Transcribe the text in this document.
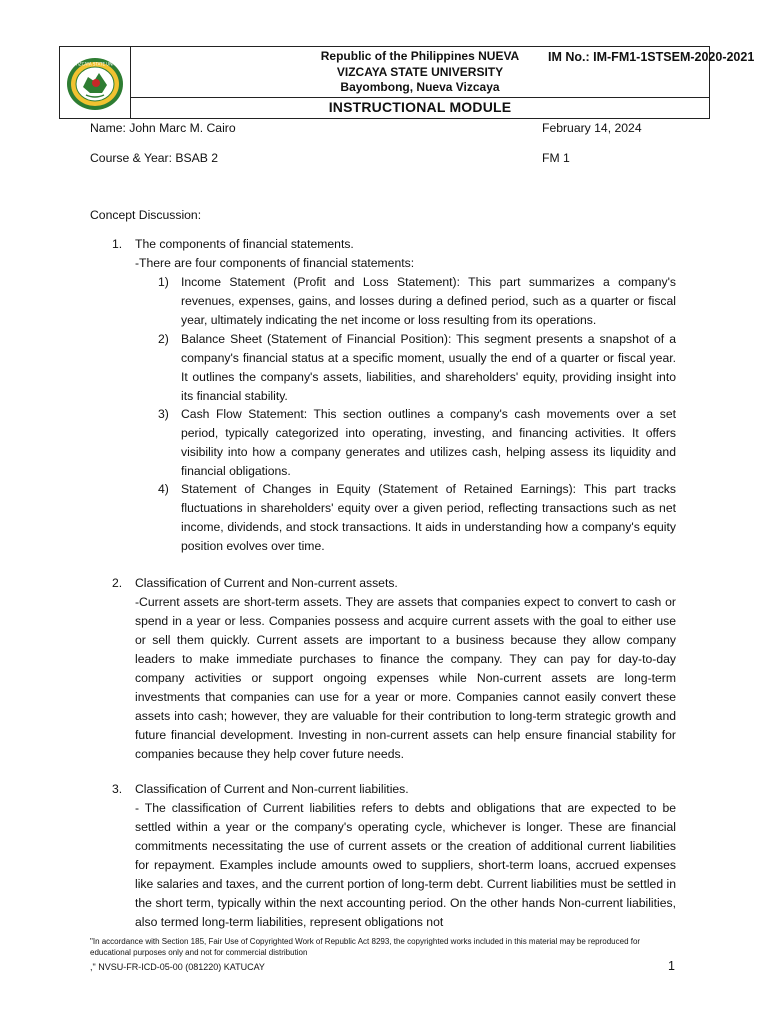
NUEVA VIZCAYA STATE UNIVERSITY
Republic of the Philippines NUEVA
VIZCAYA STATE UNIVERSITY
Bayombong, Nueva Vizcaya
IM No.: IM-FM1-1STSEM-2020-2021
INSTRUCTIONAL MODULE
Name: John Marc M. Cairo	February 14, 2024
Course & Year: BSAB 2	FM 1
Concept Discussion:
1. The components of financial statements.
-There are four components of financial statements:
1) Income Statement (Profit and Loss Statement): This part summarizes a company's revenues, expenses, gains, and losses during a defined period, such as a quarter or fiscal year, ultimately indicating the net income or loss resulting from its operations.
2) Balance Sheet (Statement of Financial Position): This segment presents a snapshot of a company's financial status at a specific moment, usually the end of a quarter or fiscal year. It outlines the company's assets, liabilities, and shareholders' equity, providing insight into its financial stability.
3) Cash Flow Statement: This section outlines a company's cash movements over a set period, typically categorized into operating, investing, and financing activities. It offers visibility into how a company generates and utilizes cash, helping assess its liquidity and financial obligations.
4) Statement of Changes in Equity (Statement of Retained Earnings): This part tracks fluctuations in shareholders' equity over a given period, reflecting transactions such as net income, dividends, and stock transactions. It aids in understanding how a company's equity position evolves over time.
2. Classification of Current and Non-current assets.
-Current assets are short-term assets. They are assets that companies expect to convert to cash or spend in a year or less. Companies possess and acquire current assets with the goal to either use or sell them quickly. Current assets are important to a business because they allow company leaders to make immediate purchases to finance the company. They can pay for day-to-day company activities or support ongoing expenses while Non-current assets are long-term investments that companies can use for a year or more. Companies cannot easily convert these assets into cash; however, they are valuable for their contribution to long-term strategic growth and future financial development. Investing in non-current assets can help ensure financial stability for companies because they help cover future needs.
3. Classification of Current and Non-current liabilities.
- The classification of Current liabilities refers to debts and obligations that are expected to be settled within a year or the company's operating cycle, whichever is longer. These are financial commitments necessitating the use of current assets or the creation of additional current liabilities for repayment. Examples include amounts owed to suppliers, short-term loans, accrued expenses like salaries and taxes, and the current portion of long-term debt. Current liabilities must be settled in the short term, typically within the next accounting period. On the other hands Non-current liabilities, also termed long-term liabilities, represent obligations not
"In accordance with Section 185, Fair Use of Copyrighted Work of Republic Act 8293, the copyrighted works included in this material may be reproduced for educational purposes only and not for commercial distribution
," NVSU-FR-ICD-05-00 (081220) KATUCAY	1
